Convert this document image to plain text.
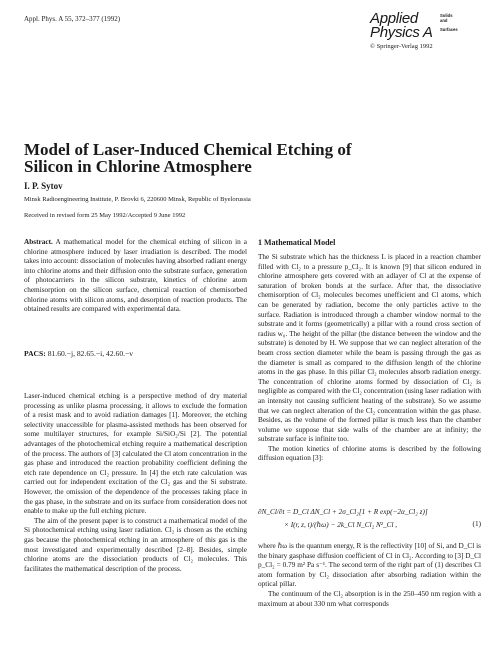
Appl. Phys. A 55, 372–377 (1992)	Applied
Physics A
Solids
and
Surfaces
© Springer-Verlag 1992
Model of Laser-Induced Chemical Etching of Silicon in Chlorine Atmosphere
I. P. Sytov
Minsk Radioengineering Institute, P. Brovki 6, 220600 Minsk, Republic of Byelorussia
Received in revised form 25 May 1992/Accepted 9 June 1992

Abstract. A mathematical model for the chemical etching of silicon in a chlorine atmosphere induced by laser irradiation is described. The model takes into account: dissociation of molecules having absorbed radiant energy into chlorine atoms and their diffusion onto the substrate surface, generation of photocarriers in the silicon substrate, kinetics of chlorine atom chemisorption on the silicon surface, chemical reaction of chemisorbed chlorine atoms with silicon atoms, and desorption of reaction products. The obtained results are compared with experimental data.

PACS: 81.60.−j, 82.65.−i, 42.60.−v

Laser-induced chemical etching is a perspective method of dry material processing as unlike plasma processing, it allows to exclude the formation of a resist mask and to avoid radiation damages [1]. Moreover, the etching selectivity unaccessible for plasma-assisted methods has been observed for some multilayer structures, for example Si/SiO₂/Si [2]. The potential advantages of the photochemical etching require a mathematical description of the process. The authors of [3] calculated the Cl atom concentration in the gas phase and introduced the reaction probability coefficient defining the etch rate dependence on Cl₂ pressure. In [4] the etch rate calculation was carried out for independent excitation of the Cl₂ gas and the Si substrate. However, the omission of the dependence of the processes taking place in the gas phase, in the substrate and on its surface from consideration does not enable to make up the full etching picture.

The aim of the present paper is to construct a mathematical model of the Si photochemical etching using laser radiation. Cl₂ is chosen as the etching gas because the photochemical etching in an atmosphere of this gas is the most investigated and experimentally described [2–8]. Besides, simple chlorine atoms are the dissociation products of Cl₂ molecules. This facilitates the mathematical description of the process.

1 Mathematical Model

The Si substrate which has the thickness L is placed in a reaction chamber filled with Cl₂ to a pressure p_Cl₂. It is known [9] that silicon endured in chlorine atmosphere gets covered with an adlayer of Cl at the expense of saturation of broken bonds at the surface. After that, the dissociative chemisorption of Cl₂ molecules becomes unefficient and Cl atoms, which can be generated by radiation, become the only particles active to the surface. Radiation is introduced through a chamber window normal to the substrate and it forms (geometrically) a pillar with a round cross section of radius w₀. The height of the pillar (the distance between the window and the substrate) is denoted by H. We suppose that we can neglect alteration of the beam cross section diameter while the beam is passing through the gas as the diameter is small as compared to the diffusion length of the chlorine atoms in the gas phase. In this pillar Cl₂ molecules absorb radiation energy. The concentration of chlorine atoms formed by dissociation of Cl₂ is negligible as compared with the Cl₂ concentration (using laser radiation with an intensity not causing sufficient heating of the substrate). So we assume that we can neglect alteration of the Cl₂ concentration within the gas phase. Besides, as the volume of the formed pillar is much less than the chamber volume we suppose that side walls of the chamber are at infinity; the substrate surface is infinite too.

The motion kinetics of chlorine atoms is described by the following diffusion equation [3]:

∂N_Cl/∂t = D_Cl ΔN_Cl + 2σ_Cl₂[1 + R exp(−2α_Cl₂ z)]
× I(r, z, t)/(ℏω) − 2k_Cl N_Cl₂ N²_Cl ,	(1)

where ℏω is the quantum energy, R is the reflectivity [10] of Si, and D_Cl is the binary gasphase diffusion coefficient of Cl in Cl₂. According to [3] D_Cl p_Cl₂ = 0.79 m² Pa s⁻¹. The second term of the right part of (1) describes Cl atom formation by Cl₂ dissociation after absorbing radiation within the optical pillar.

The continuum of the Cl₂ absorption is in the 250–450 nm region with a maximum at about 330 nm what corresponds
